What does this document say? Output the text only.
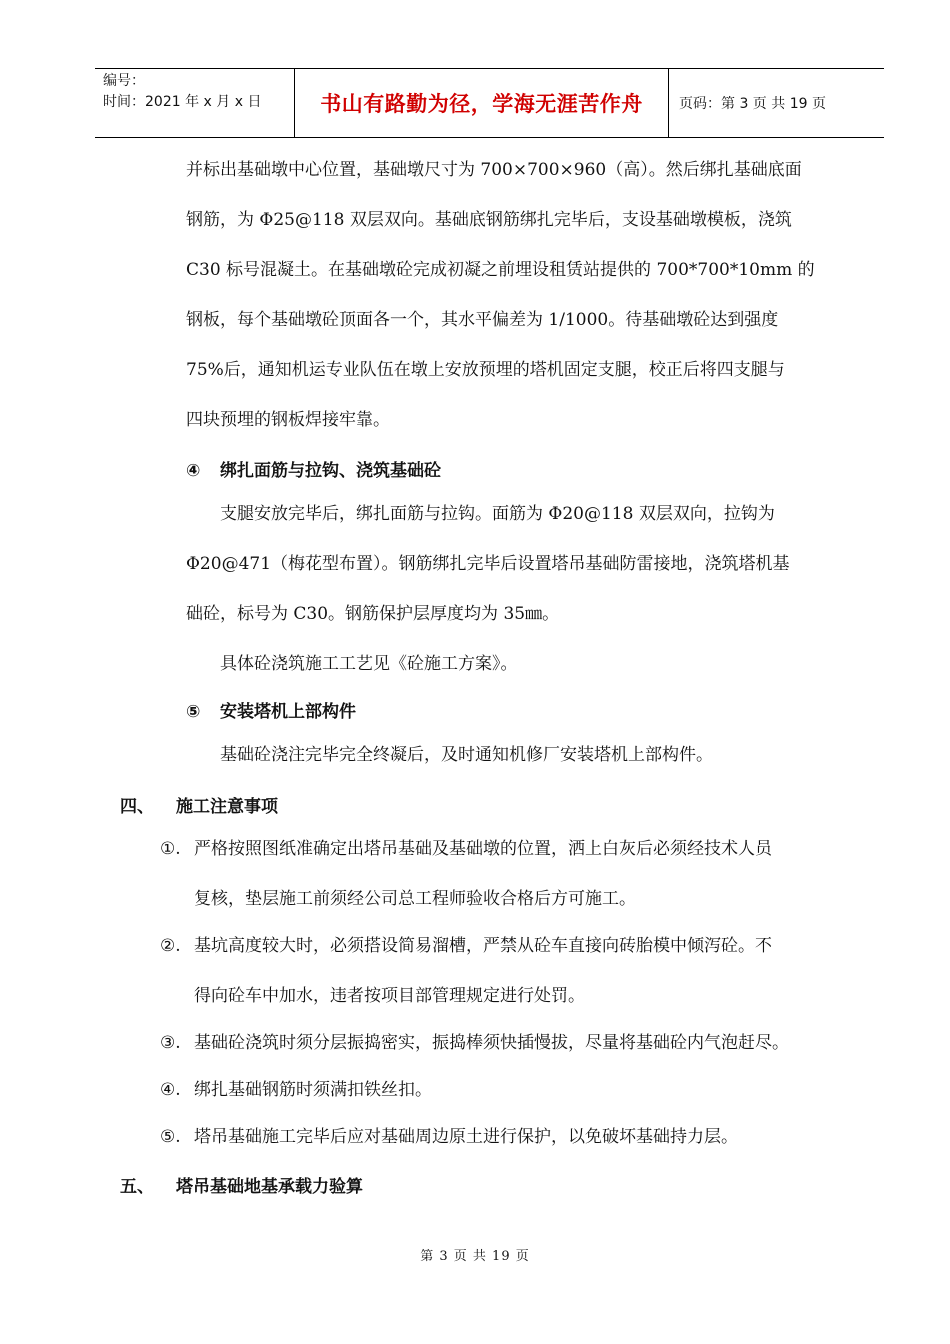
编号：
时间：2021 年 x 月 x 日	书山有路勤为径，学海无涯苦作舟	页码：第 3 页 共 19 页
并标出基础墩中心位置，基础墩尺寸为 700×700×960（高）。然后绑扎基础底面
钢筋，为 Φ25@118 双层双向。基础底钢筋绑扎完毕后，支设基础墩模板，浇筑
C30 标号混凝土。在基础墩砼完成初凝之前埋设租赁站提供的 700*700*10mm 的
钢板，每个基础墩砼顶面各一个，其水平偏差为 1/1000。待基础墩砼达到强度
75%后，通知机运专业队伍在墩上安放预埋的塔机固定支腿，校正后将四支腿与
四块预埋的钢板焊接牢靠。
④ 绑扎面筋与拉钩、浇筑基础砼
支腿安放完毕后，绑扎面筋与拉钩。面筋为 Φ20@118 双层双向，拉钩为
Φ20@471（梅花型布置）。钢筋绑扎完毕后设置塔吊基础防雷接地，浇筑塔机基
础砼，标号为 C30。钢筋保护层厚度均为 35㎜。
具体砼浇筑施工工艺见《砼施工方案》。
⑤ 安装塔机上部构件
基础砼浇注完毕完全终凝后，及时通知机修厂安装塔机上部构件。
四、 施工注意事项
①. 严格按照图纸准确定出塔吊基础及基础墩的位置，洒上白灰后必须经技术人员
复核，垫层施工前须经公司总工程师验收合格后方可施工。
②. 基坑高度较大时，必须搭设简易溜槽，严禁从砼车直接向砖胎模中倾泻砼。不
得向砼车中加水，违者按项目部管理规定进行处罚。
③. 基础砼浇筑时须分层振捣密实，振捣棒须快插慢拔，尽量将基础砼内气泡赶尽。
④. 绑扎基础钢筋时须满扣铁丝扣。
⑤. 塔吊基础施工完毕后应对基础周边原土进行保护，以免破坏基础持力层。
五、 塔吊基础地基承载力验算
第 3 页 共 19 页
